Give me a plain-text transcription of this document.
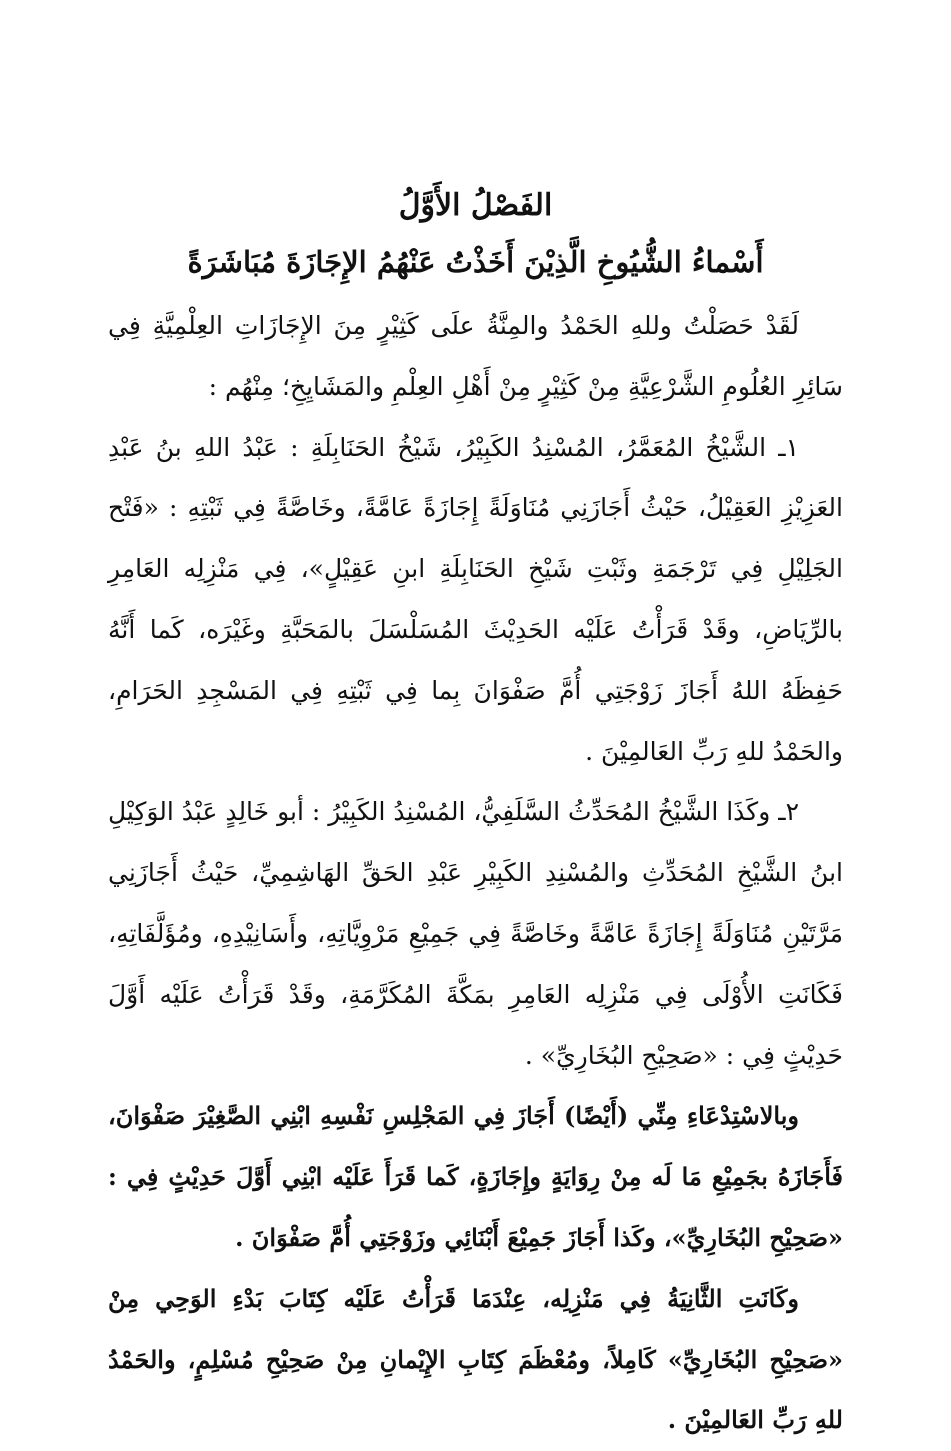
الفَصْلُ الأَوَّلُ
أَسْماءُ الشُّيُوخِ الَّذِيْنَ أَخَذْتُ عَنْهُمُ الإِجَازَةَ مُبَاشَرَةً

لَقَدْ حَصَلْتُ وللهِ الحَمْدُ والمِنَّةُ علَى كَثِيْرٍ مِنَ الإِجَازَاتِ العِلْمِيَّةِ فِي سَائِرِ العُلُومِ الشَّرْعِيَّةِ مِنْ كَثِيْرٍ مِنْ أَهْلِ العِلْمِ والمَشَايِخِ؛ مِنْهُم :

١ـ الشَّيْخُ المُعَمَّرُ، المُسْنِدُ الكَبِيْرُ، شَيْخُ الحَنَابِلَةِ : عَبْدُ اللهِ بنُ عَبْدِ العَزِيْزِ العَقِيْلُ، حَيْثُ أَجَازَنِي مُنَاوَلَةً إِجَازَةً عَامَّةً، وخَاصَّةً فِي ثَبْتِهِ : «فَتْح الجَلِيْلِ فِي تَرْجَمَةِ وثَبْتِ شَيْخِ الحَنَابِلَةِ ابنِ عَقِيْلٍ»، فِي مَنْزِلِه العَامِرِ بالرِّيَاضِ، وقَدْ قَرَأْتُ عَلَيْه الحَدِيْثَ المُسَلْسَلَ بالمَحَبَّةِ وغَيْرَه، كَما أَنَّهُ حَفِظَهُ اللهُ أَجَازَ زَوْجَتِي أُمَّ صَفْوَانَ بِما فِي ثَبْتِهِ فِي المَسْجِدِ الحَرَامِ، والحَمْدُ للهِ رَبِّ العَالمِيْنَ .

٢ـ وكَذَا الشَّيْخُ المُحَدِّثُ السَّلَفِيُّ، المُسْنِدُ الكَبِيْرُ : أبو خَالِدٍ عَبْدُ الوَكِيْلِ ابنُ الشَّيْخِ المُحَدِّثِ والمُسْنِدِ الكَبِيْرِ عَبْدِ الحَقِّ الهَاشِمِيِّ، حَيْثُ أَجَازَنِي مَرَّتَيْنِ مُنَاوَلَةً إِجَازَةً عَامَّةً وخَاصَّةً فِي جَمِيْعِ مَرْوِيَّاتِهِ، وأَسَانِيْدِهِ، ومُؤَلَّفَاتِهِ، فَكَانَتِ الأُوْلَى فِي مَنْزِلِه العَامِرِ بمَكَّةَ المُكَرَّمَةِ، وقَدْ قَرَأْتُ عَلَيْه أَوَّلَ حَدِيْثٍ فِي : «صَحِيْحِ البُخَارِيِّ» .

وبالاسْتِدْعَاءِ مِنِّي (أَيْضًا) أَجَازَ فِي المَجْلِسِ نَفْسِهِ ابْنِي الصَّغِيْرَ صَفْوَانَ، فَأَجَازَهُ بجَمِيْعِ مَا لَه مِنْ رِوَايَةٍ وإِجَازَةٍ، كَما قَرَأَ عَلَيْه ابْنِي أَوَّلَ حَدِيْثٍ فِي : «صَحِيْحِ البُخَارِيِّ»، وكَذا أَجَازَ جَمِيْعَ أَبْنَائِي وزَوْجَتِي أُمَّ صَفْوَانَ .

وكَانَتِ الثَّانِيَةُ فِي مَنْزِلِه، عِنْدَمَا قَرَأْتُ عَلَيْه كِتَابَ بَدْءِ الوَحِي مِنْ «صَحِيْحِ البُخَارِيِّ» كَامِلاً، ومُعْظَمَ كِتَابِ الإِيْمانِ مِنْ صَحِيْحِ مُسْلِمٍ، والحَمْدُ للهِ رَبِّ العَالمِيْنَ .
